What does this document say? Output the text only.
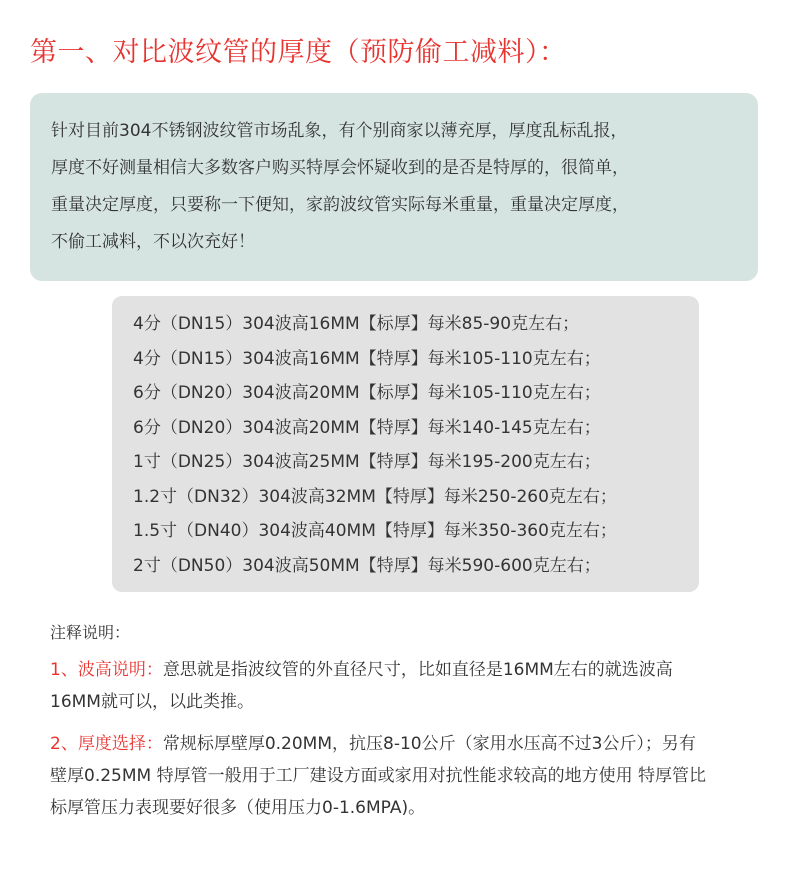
第一、对比波纹管的厚度（预防偷工减料）：

针对目前304不锈钢波纹管市场乱象，有个别商家以薄充厚，厚度乱标乱报，

厚度不好测量相信大多数客户购买特厚会怀疑收到的是否是特厚的，很简单，

重量决定厚度，只要称一下便知，家韵波纹管实际每米重量，重量决定厚度，

不偷工减料，不以次充好！

4分（DN15）304波高16MM【标厚】每米85-90克左右；
4分（DN15）304波高16MM【特厚】每米105-110克左右；
6分（DN20）304波高20MM【标厚】每米105-110克左右；
6分（DN20）304波高20MM【特厚】每米140-145克左右；
1寸（DN25）304波高25MM【特厚】每米195-200克左右；
1.2寸（DN32）304波高32MM【特厚】每米250-260克左右；
1.5寸（DN40）304波高40MM【特厚】每米350-360克左右；
2寸（DN50）304波高50MM【特厚】每米590-600克左右；
注释说明：
1、波高说明：意思就是指波纹管的外直径尺寸，比如直径是16MM左右的就选波高16MM就可以，以此类推。
2、厚度选择：常规标厚壁厚0.20MM，抗压8-10公斤（家用水压高不过3公斤）；另有壁厚0.25MM 特厚管一般用于工厂建设方面或家用对抗性能求较高的地方使用 特厚管比标厚管压力表现要好很多（使用压力0-1.6MPA)。
